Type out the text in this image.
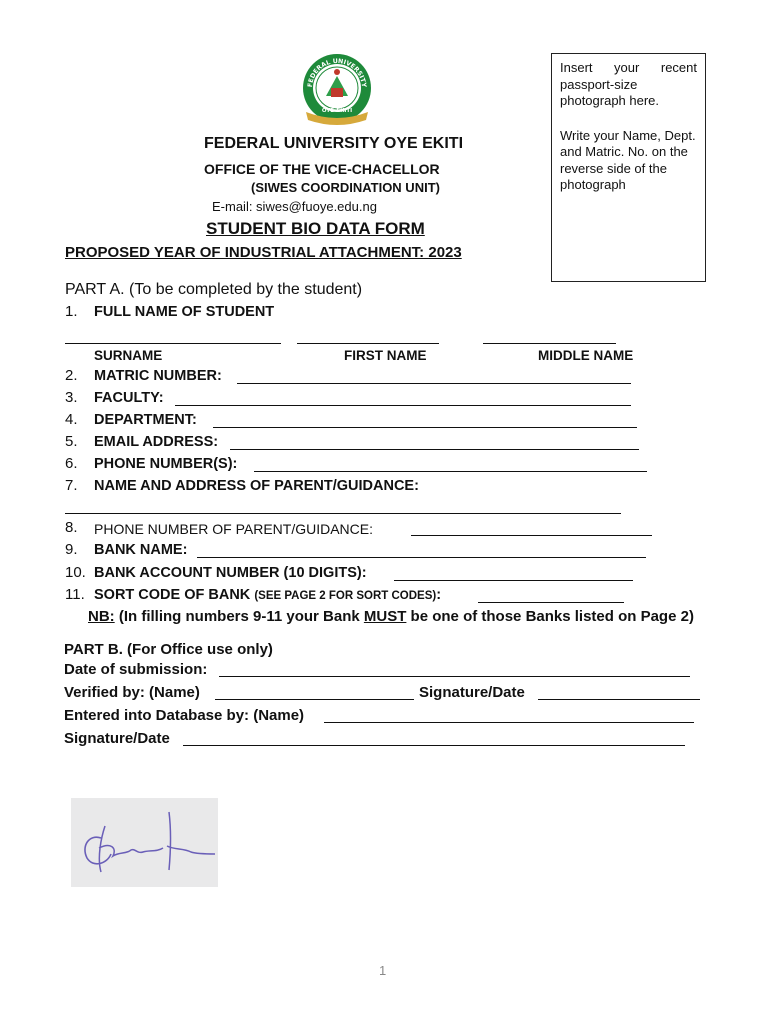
FEDERAL UNIVERSITY
OYE-EKITI
FEDERAL UNIVERSITY OYE EKITI
OFFICE OF THE VICE-CHACELLOR
(SIWES COORDINATION UNIT)
E-mail: siwes@fuoye.edu.ng
STUDENT BIO DATA FORM
PROPOSED YEAR OF INDUSTRIAL ATTACHMENT: 2023
Insert your recent passport-size photograph here.
Write your Name, Dept. and Matric. No. on the reverse side of the photograph
PART A. (To be completed by the student)
1. FULL NAME OF STUDENT
SURNAME	FIRST NAME	MIDDLE NAME
2. MATRIC NUMBER:
3. FACULTY:
4. DEPARTMENT:
5. EMAIL ADDRESS:
6. PHONE NUMBER(S):
7. NAME AND ADDRESS OF PARENT/GUIDANCE:
8. PHONE NUMBER OF PARENT/GUIDANCE:
9. BANK NAME:
10. BANK ACCOUNT NUMBER (10 DIGITS):
11. SORT CODE OF BANK (SEE PAGE 2 FOR SORT CODES):
NB: (In filling numbers 9-11 your Bank MUST be one of those Banks listed on Page 2)
PART B. (For Office use only)
Date of submission:
Verified by: (Name)	Signature/Date
Entered into Database by: (Name)
Signature/Date
1
